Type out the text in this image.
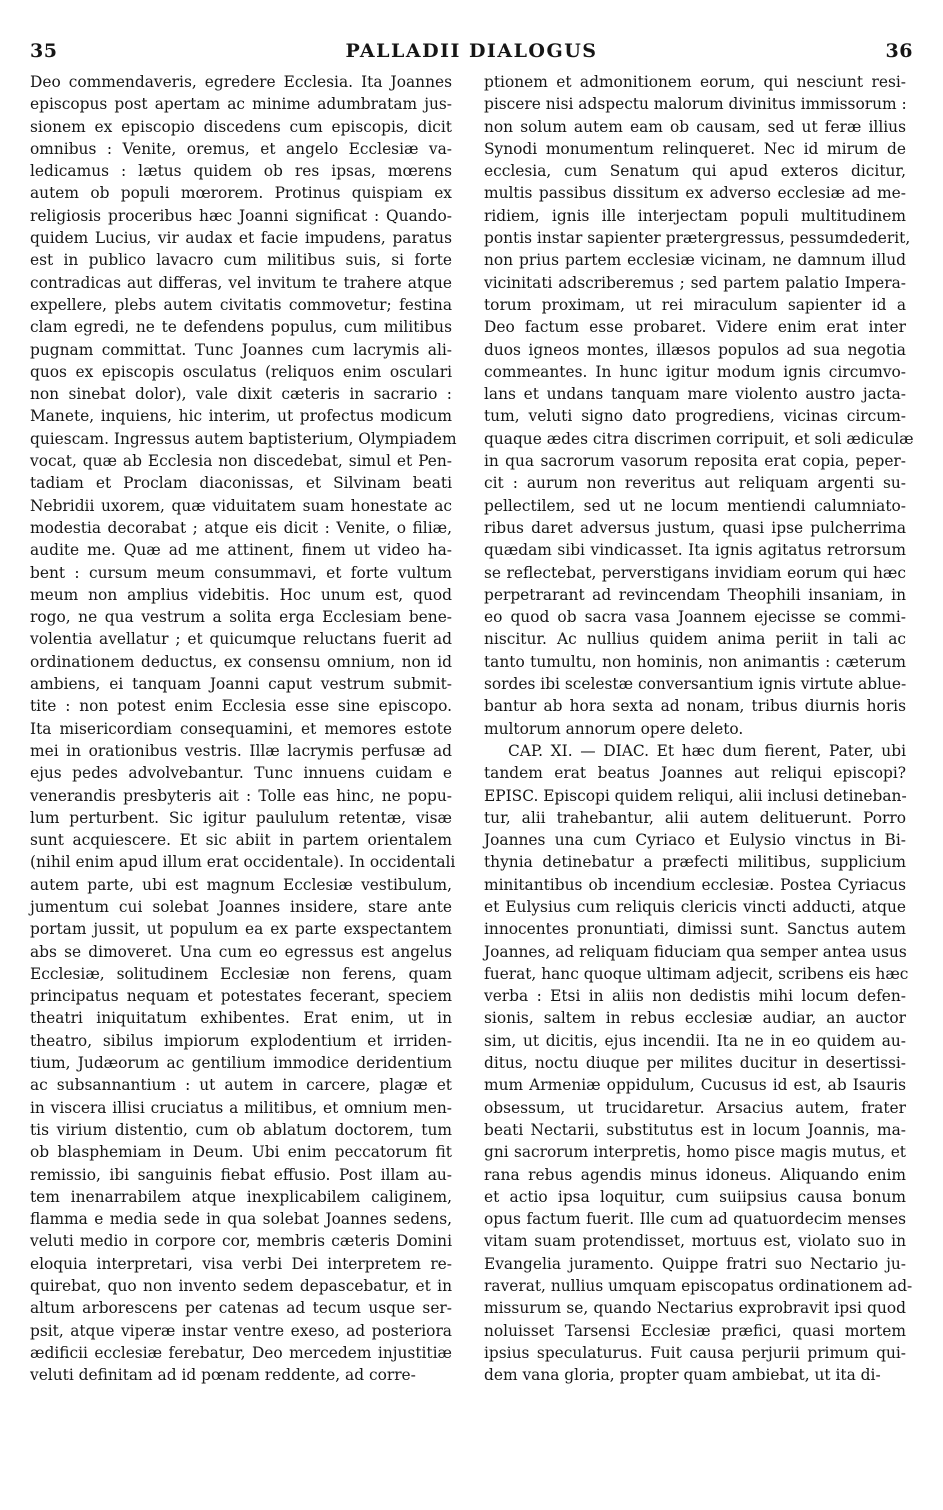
35	PALLADII DIALOGUS	36

Deo commendaveris, egredere Ecclesia. Ita Joannes
episcopus post apertam ac minime adumbratam jus-
sionem ex episcopio discedens cum episcopis, dicit
omnibus : Venite, oremus, et angelo Ecclesiæ va-
ledicamus : lætus quidem ob res ipsas, mœrens
autem ob populi mœrorem. Protinus quispiam ex
religiosis proceribus hæc Joanni significat : Quando-
quidem Lucius, vir audax et facie impudens, paratus
est in publico lavacro cum militibus suis, si forte
contradicas aut differas, vel invitum te trahere atque
expellere, plebs autem civitatis commovetur; festina
clam egredi, ne te defendens populus, cum militibus
pugnam committat. Tunc Joannes cum lacrymis ali-
quos ex episcopis osculatus (reliquos enim osculari
non sinebat dolor), vale dixit cæteris in sacrario :
Manete, inquiens, hic interim, ut profectus modicum
quiescam. Ingressus autem baptisterium, Olympiadem
vocat, quæ ab Ecclesia non discedebat, simul et Pen-
tadiam et Proclam diaconissas, et Silvinam beati
Nebridii uxorem, quæ viduitatem suam honestate ac
modestia decorabat ; atque eis dicit : Venite, o filiæ,
audite me. Quæ ad me attinent, finem ut video ha-
bent : cursum meum consummavi, et forte vultum
meum non amplius videbitis. Hoc unum est, quod
rogo, ne qua vestrum a solita erga Ecclesiam bene-
volentia avellatur ; et quicumque reluctans fuerit ad
ordinationem deductus, ex consensu omnium, non id
ambiens, ei tanquam Joanni caput vestrum submit-
tite : non potest enim Ecclesia esse sine episcopo.
Ita misericordiam consequamini, et memores estote
mei in orationibus vestris. Illæ lacrymis perfusæ ad
ejus pedes advolvebantur. Tunc innuens cuidam e
venerandis presbyteris ait : Tolle eas hinc, ne popu-
lum perturbent. Sic igitur paululum retentæ, visæ
sunt acquiescere. Et sic abiit in partem orientalem
(nihil enim apud illum erat occidentale). In occidentali
autem parte, ubi est magnum Ecclesiæ vestibulum,
jumentum cui solebat Joannes insidere, stare ante
portam jussit, ut populum ea ex parte exspectantem
abs se dimoveret. Una cum eo egressus est angelus
Ecclesiæ, solitudinem Ecclesiæ non ferens, quam
principatus nequam et potestates fecerant, speciem
theatri iniquitatum exhibentes. Erat enim, ut in
theatro, sibilus impiorum explodentium et irriden-
tium, Judæorum ac gentilium immodice deridentium
ac subsannantium : ut autem in carcere, plagæ et
in viscera illisi cruciatus a militibus, et omnium men-
tis virium distentio, cum ob ablatum doctorem, tum
ob blasphemiam in Deum. Ubi enim peccatorum fit
remissio, ibi sanguinis fiebat effusio. Post illam au-
tem inenarrabilem atque inexplicabilem caliginem,
flamma e media sede in qua solebat Joannes sedens,
veluti medio in corpore cor, membris cæteris Domini
eloquia interpretari, visa verbi Dei interpretem re-
quirebat, quo non invento sedem depascebatur, et in
altum arborescens per catenas ad tecum usque ser-
psit, atque viperæ instar ventre exeso, ad posteriora
ædificii ecclesiæ ferebatur, Deo mercedem injustitiæ
veluti definitam ad id pœnam reddente, ad corre-

ptionem et admonitionem eorum, qui nesciunt resi-
piscere nisi adspectu malorum divinitus immissorum :
non solum autem eam ob causam, sed ut feræ illius
Synodi monumentum relinqueret. Nec id mirum de
ecclesia, cum Senatum qui apud exteros dicitur,
multis passibus dissitum ex adverso ecclesiæ ad me-
ridiem, ignis ille interjectam populi multitudinem
pontis instar sapienter prætergressus, pessumdederit,
non prius partem ecclesiæ vicinam, ne damnum illud
vicinitati adscriberemus ; sed partem palatio Impera-
torum proximam, ut rei miraculum sapienter id a
Deo factum esse probaret. Videre enim erat inter
duos igneos montes, illæsos populos ad sua negotia
commeantes. In hunc igitur modum ignis circumvo-
lans et undans tanquam mare violento austro jacta-
tum, veluti signo dato progrediens, vicinas circum-
quaque ædes citra discrimen corripuit, et soli ædiculæ
in qua sacrorum vasorum reposita erat copia, peper-
cit : aurum non reveritus aut reliquam argenti su-
pellectilem, sed ut ne locum mentiendi calumniato-
ribus daret adversus justum, quasi ipse pulcherrima
quædam sibi vindicasset. Ita ignis agitatus retrorsum
se reflectebat, perverstigans invidiam eorum qui hæc
perpetrarant ad revincendam Theophili insaniam, in
eo quod ob sacra vasa Joannem ejecisse se commi-
niscitur. Ac nullius quidem anima periit in tali ac
tanto tumultu, non hominis, non animantis : cæterum
sordes ibi scelestæ conversantium ignis virtute ablue-
bantur ab hora sexta ad nonam, tribus diurnis horis
multorum annorum opere deleto.

CAP. XI. — DIAC. Et hæc dum fierent, Pater, ubi
tandem erat beatus Joannes aut reliqui episcopi?
EPISC. Episcopi quidem reliqui, alii inclusi detineban-
tur, alii trahebantur, alii autem delituerunt. Porro
Joannes una cum Cyriaco et Eulysio vinctus in Bi-
thynia detinebatur a præfecti militibus, supplicium
minitantibus ob incendium ecclesiæ. Postea Cyriacus
et Eulysius cum reliquis clericis vincti adducti, atque
innocentes pronuntiati, dimissi sunt. Sanctus autem
Joannes, ad reliquam fiduciam qua semper antea usus
fuerat, hanc quoque ultimam adjecit, scribens eis hæc
verba : Etsi in aliis non dedistis mihi locum defen-
sionis, saltem in rebus ecclesiæ audiar, an auctor
sim, ut dicitis, ejus incendii. Ita ne in eo quidem au-
ditus, noctu diuque per milites ducitur in desertissi-
mum Armeniæ oppidulum, Cucusus id est, ab Isauris
obsessum, ut trucidaretur. Arsacius autem, frater
beati Nectarii, substitutus est in locum Joannis, ma-
gni sacrorum interpretis, homo pisce magis mutus, et
rana rebus agendis minus idoneus. Aliquando enim
et actio ipsa loquitur, cum suiipsius causa bonum
opus factum fuerit. Ille cum ad quatuordecim menses
vitam suam protendisset, mortuus est, violato suo in
Evangelia juramento. Quippe fratri suo Nectario ju-
raverat, nullius umquam episcopatus ordinationem ad-
missurum se, quando Nectarius exprobravit ipsi quod
noluisset Tarsensi Ecclesiæ præfici, quasi mortem
ipsius speculaturus. Fuit causa perjurii primum qui-
dem vana gloria, propter quam ambiebat, ut ita di-
